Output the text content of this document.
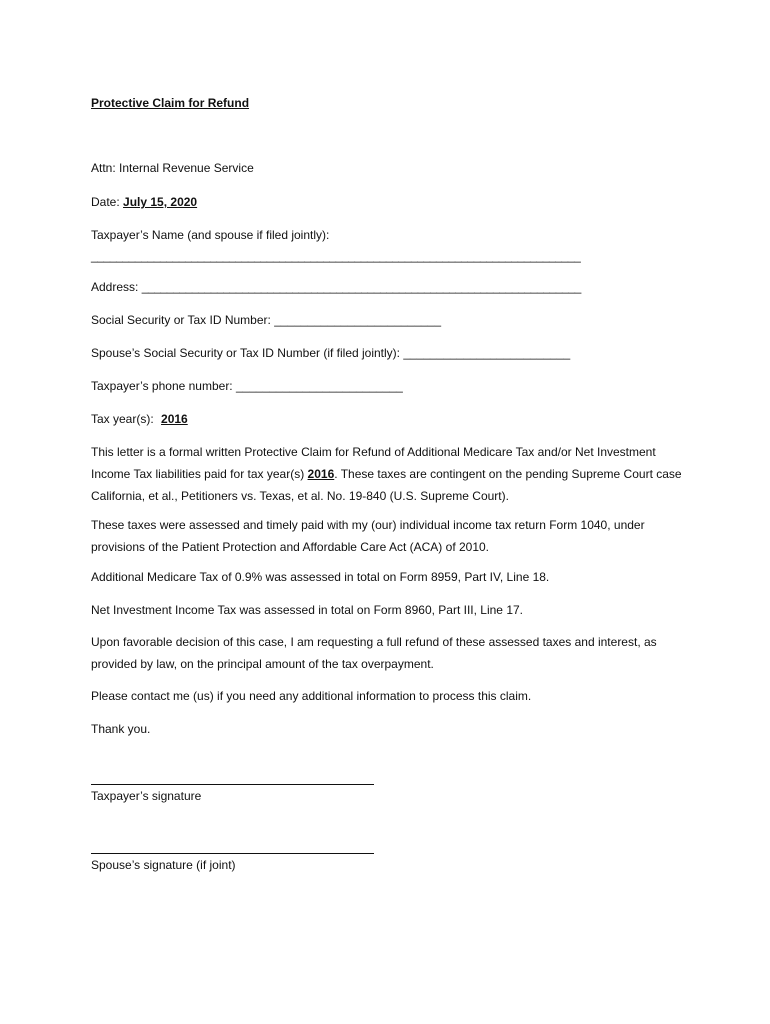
Protective Claim for Refund
Attn: Internal Revenue Service
Date: July 15, 2020
Taxpayer’s Name (and spouse if filed jointly):
______________________________________________________________________________
Address: ______________________________________________________________________
Social Security or Tax ID Number: _________________________
Spouse’s Social Security or Tax ID Number (if filed jointly): _________________________
Taxpayer’s phone number: _________________________
Tax year(s): 2016
This letter is a formal written Protective Claim for Refund of Additional Medicare Tax and/or Net Investment Income Tax liabilities paid for tax year(s) 2016. These taxes are contingent on the pending Supreme Court case California, et al., Petitioners vs. Texas, et al. No. 19-840 (U.S. Supreme Court).
These taxes were assessed and timely paid with my (our) individual income tax return Form 1040, under provisions of the Patient Protection and Affordable Care Act (ACA) of 2010.
Additional Medicare Tax of 0.9% was assessed in total on Form 8959, Part IV, Line 18.
Net Investment Income Tax was assessed in total on Form 8960, Part III, Line 17.
Upon favorable decision of this case, I am requesting a full refund of these assessed taxes and interest, as provided by law, on the principal amount of the tax overpayment.
Please contact me (us) if you need any additional information to process this claim.
Thank you.
Taxpayer’s signature
Spouse’s signature (if joint)
